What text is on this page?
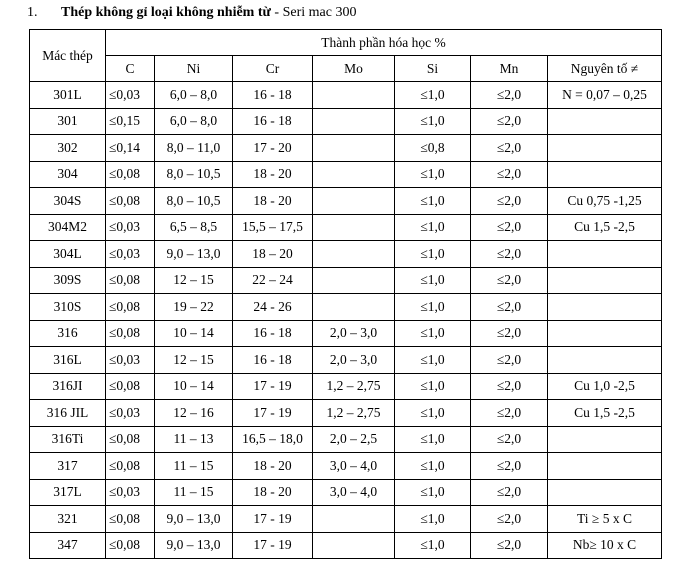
1. Thép không gỉ loại không nhiễm từ - Seri mac 300
Mác thép	Thành phần hóa học %						
	C	Ni	Cr	Mo	Si	Mn	Nguyên tố ≠
301L	≤0,03	6,0 – 8,0	16 - 18		≤1,0	≤2,0	N = 0,07 – 0,25
301	≤0,15	6,0 – 8,0	16 - 18		≤1,0	≤2,0	
302	≤0,14	8,0 – 11,0	17 - 20		≤0,8	≤2,0	
304	≤0,08	8,0 – 10,5	18 - 20		≤1,0	≤2,0	
304S	≤0,08	8,0 – 10,5	18 - 20		≤1,0	≤2,0	Cu 0,75 -1,25
304M2	≤0,03	6,5 – 8,5	15,5 – 17,5		≤1,0	≤2,0	Cu 1,5 -2,5
304L	≤0,03	9,0 – 13,0	18 – 20		≤1,0	≤2,0	
309S	≤0,08	12 – 15	22 – 24		≤1,0	≤2,0	
310S	≤0,08	19 – 22	24 - 26		≤1,0	≤2,0	
316	≤0,08	10 – 14	16 - 18	2,0 – 3,0	≤1,0	≤2,0	
316L	≤0,03	12 – 15	16 - 18	2,0 – 3,0	≤1,0	≤2,0	
316JI	≤0,08	10 – 14	17 - 19	1,2 – 2,75	≤1,0	≤2,0	Cu 1,0 -2,5
316 JIL	≤0,03	12 – 16	17 - 19	1,2 – 2,75	≤1,0	≤2,0	Cu 1,5 -2,5
316Ti	≤0,08	11 – 13	16,5 – 18,0	2,0 – 2,5	≤1,0	≤2,0	
317	≤0,08	11 – 15	18 - 20	3,0 – 4,0	≤1,0	≤2,0	
317L	≤0,03	11 – 15	18 - 20	3,0 – 4,0	≤1,0	≤2,0	
321	≤0,08	9,0 – 13,0	17 - 19		≤1,0	≤2,0	Ti ≥ 5 x C
347	≤0,08	9,0 – 13,0	17 - 19		≤1,0	≤2,0	Nb≥ 10 x C
